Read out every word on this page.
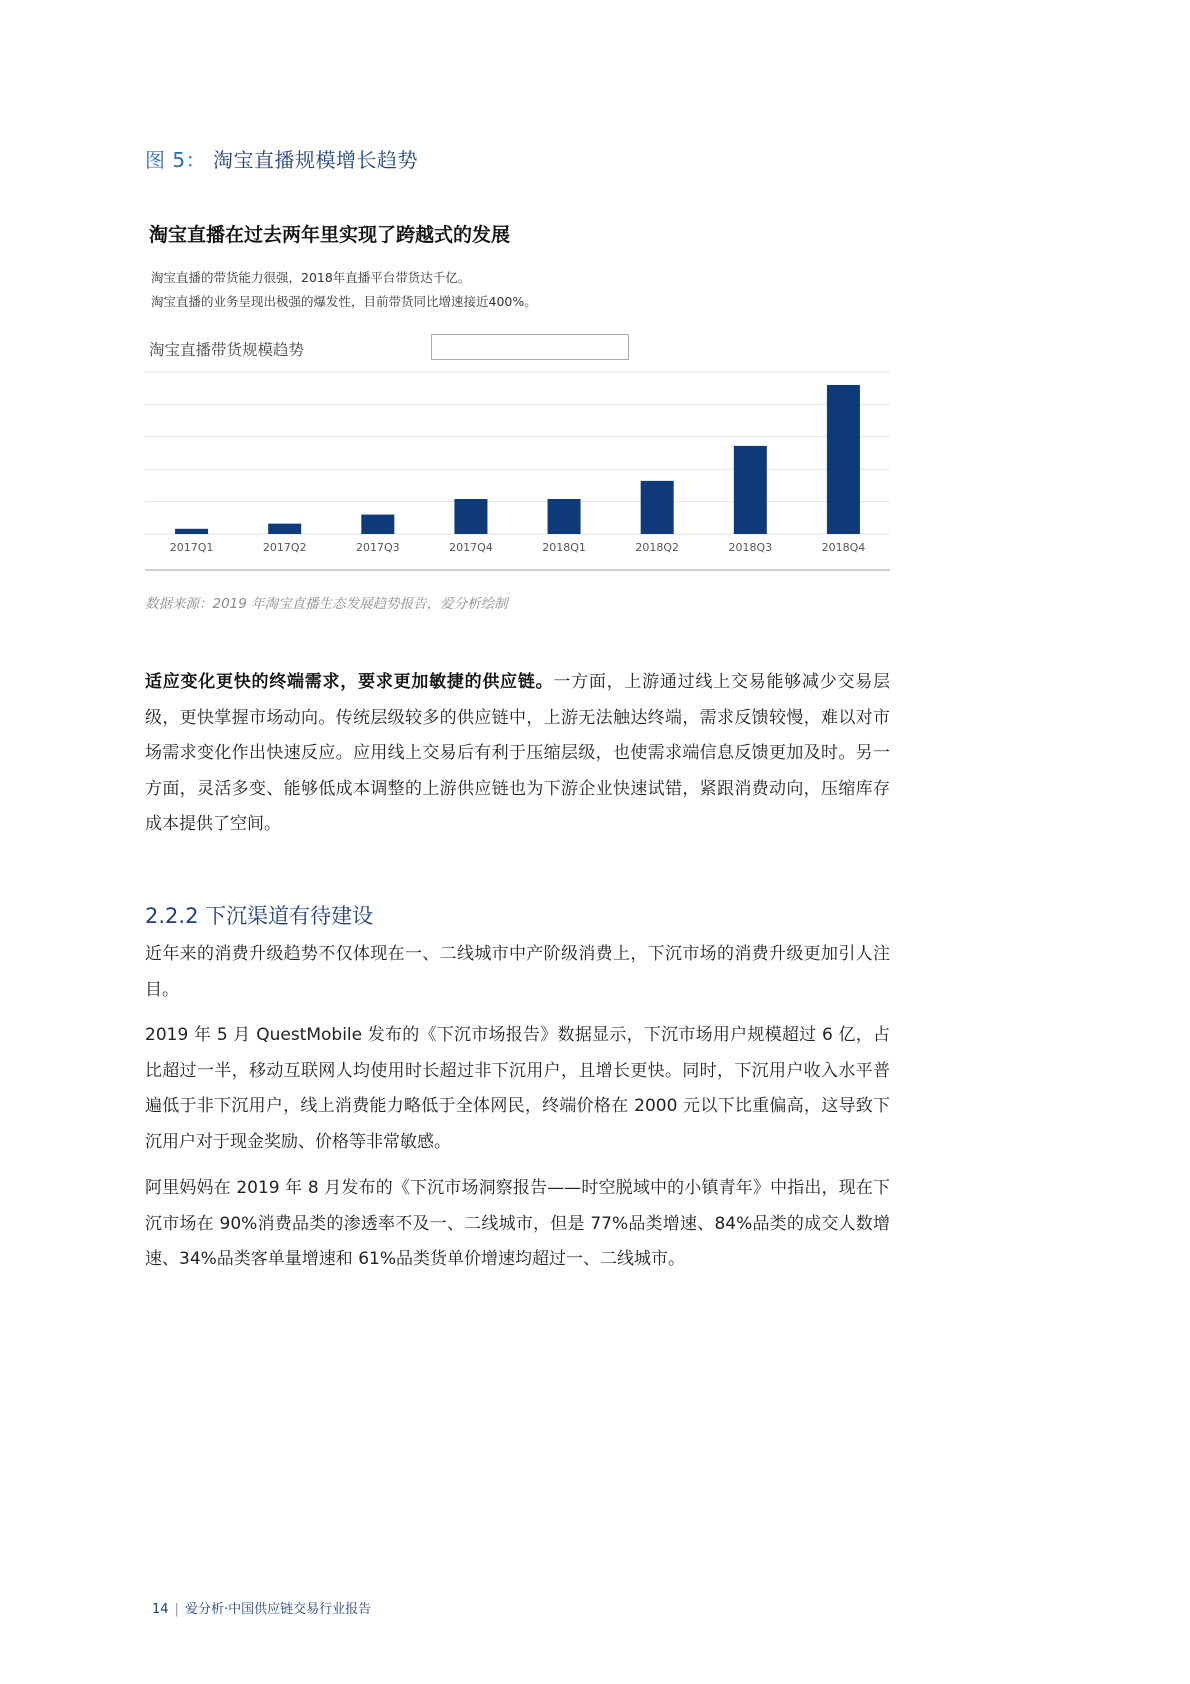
图 5： 淘宝直播规模增长趋势
淘宝直播在过去两年里实现了跨越式的发展
淘宝直播的带货能力很强，2018年直播平台带货达千亿。
淘宝直播的业务呈现出极强的爆发性，目前带货同比增速接近400%。
淘宝直播带货规模趋势
2017Q1	2017Q2	2017Q3	2017Q4	2018Q1	2018Q2	2018Q3	2018Q4
数据来源：2019 年淘宝直播生态发展趋势报告，爱分析绘制

适应变化更快的终端需求，要求更加敏捷的供应链。一方面，上游通过线上交易能够减少交易层级，更快掌握市场动向。传统层级较多的供应链中，上游无法触达终端，需求反馈较慢，难以对市场需求变化作出快速反应。应用线上交易后有利于压缩层级，也使需求端信息反馈更加及时。另一方面，灵活多变、能够低成本调整的上游供应链也为下游企业快速试错，紧跟消费动向，压缩库存成本提供了空间。

2.2.2 下沉渠道有待建设

近年来的消费升级趋势不仅体现在一、二线城市中产阶级消费上，下沉市场的消费升级更加引人注目。

2019 年 5 月 QuestMobile 发布的《下沉市场报告》数据显示，下沉市场用户规模超过 6 亿，占比超过一半，移动互联网人均使用时长超过非下沉用户，且增长更快。同时，下沉用户收入水平普遍低于非下沉用户，线上消费能力略低于全体网民，终端价格在 2000 元以下比重偏高，这导致下沉用户对于现金奖励、价格等非常敏感。

阿里妈妈在 2019 年 8 月发布的《下沉市场洞察报告——时空脱域中的小镇青年》中指出，现在下沉市场在 90%消费品类的渗透率不及一、二线城市，但是 77%品类增速、84%品类的成交人数增速、34%品类客单量增速和 61%品类货单价增速均超过一、二线城市。

14 | 爱分析·中国供应链交易行业报告
